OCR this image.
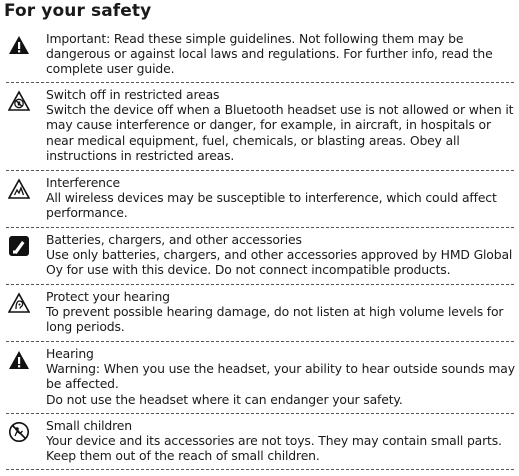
For your safety

Important: Read these simple guidelines. Not following them may be

dangerous or against local laws and regulations. For further info, read the

complete user guide.

Switch off in restricted areas

Switch the device off when a Bluetooth headset use is not allowed or when it

may cause interference or danger, for example, in aircraft, in hospitals or

near medical equipment, fuel, chemicals, or blasting areas. Obey all

instructions in restricted areas.

Interference

All wireless devices may be susceptible to interference, which could affect

performance.

Batteries, chargers, and other accessories

Use only batteries, chargers, and other accessories approved by HMD Global

Oy for use with this device. Do not connect incompatible products.

Protect your hearing

To prevent possible hearing damage, do not listen at high volume levels for

long periods.

Hearing

Warning: When you use the headset, your ability to hear outside sounds may

be affected.

Do not use the headset where it can endanger your safety.

Small children

Your device and its accessories are not toys. They may contain small parts.

Keep them out of the reach of small children.
